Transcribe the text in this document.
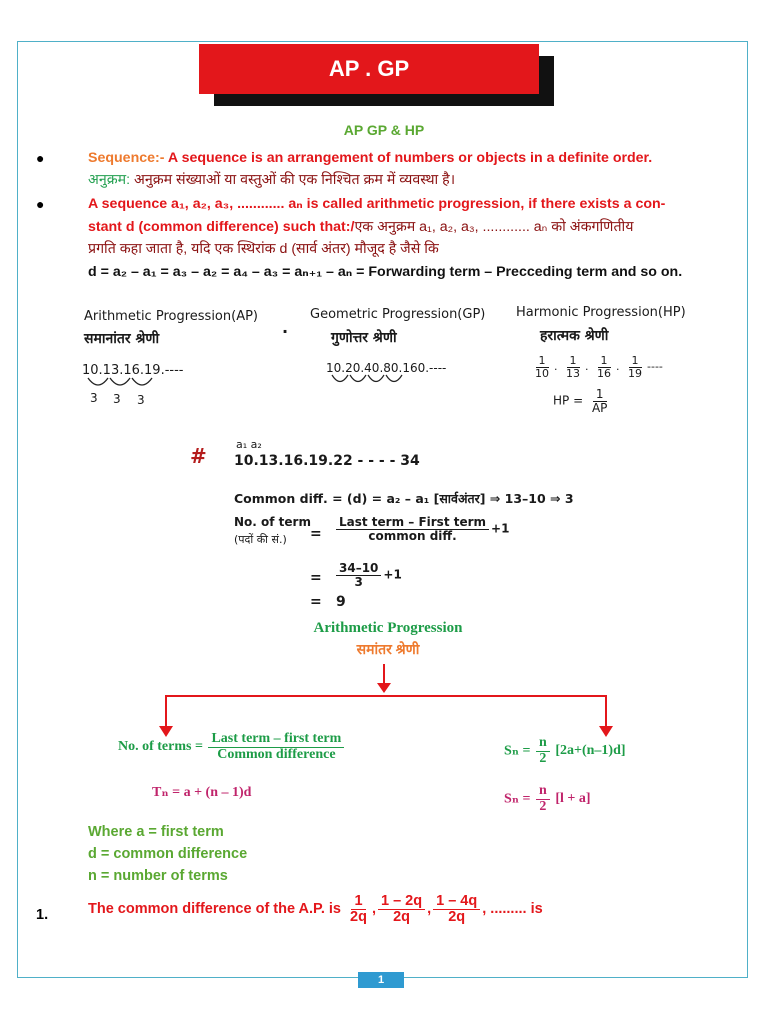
AP . GP
AP GP & HP
●	Sequence:- A sequence is an arrangement of numbers or objects in a definite order.
अनुक्रम: अनुक्रम संख्याओं या वस्तुओं की एक निश्चित क्रम में व्यवस्था है।
●	A sequence a₁, a₂, a₃, ............ aₙ is called arithmetic progression, if there exists a con-
stant d (common difference) such that:/एक अनुक्रम a₁, a₂, a₃, ............ aₙ को अंकगणितीय
प्रगति कहा जाता है, यदि एक स्थिरांक d (सार्व अंतर) मौजूद है जैसे कि
d = a₂ – a₁ = a₃ – a₂ = a₄ – a₃ = aₙ₊₁ – aₙ = Forwarding term – Precceding term and so on.
Arithmetic Progression(AP)
समानांतर श्रेणी
10.13.16.19.----
3 3 3
.
Geometric Progression(GP)
गुणोत्तर श्रेणी
10.20.40.80.160.----
Harmonic Progression(HP)
हरात्मक श्रेणी
$\frac{1}{10}$ . $\frac{1}{13}$ . $\frac{1}{16}$ . $\frac{1}{19}$ ----
HP = $\frac{1}{AP}$
#	a₁ a₂
10.13.16.19.22 - - - - 34
Common diff. = (d) = a₂ – a₁ [सार्वअंतर] ⇒ 13–10 ⇒ 3
No. of term
(पदों की सं.) = $\frac{\text{Last term – First term}}{\text{common diff.}} +1$
= $\frac{34-10}{3} +1$
= 9
Arithmetic Progression
समांतर श्रेणी
No. of terms = $\frac{\text{Last term – first term}}{\text{Common difference}}$	$S_n = \frac{n}{2} [2a+(n-1)d]$
Tₙ = a + (n – 1)d	$S_n = \frac{n}{2} [l + a]$
Where a = first term
d = common difference
n = number of terms
1.	The common difference of the A.P. is $\frac{1}{2q}$ , $\frac{1 - 2q}{2q}$ , $\frac{1 - 4q}{2q}$ , ......... is
1
